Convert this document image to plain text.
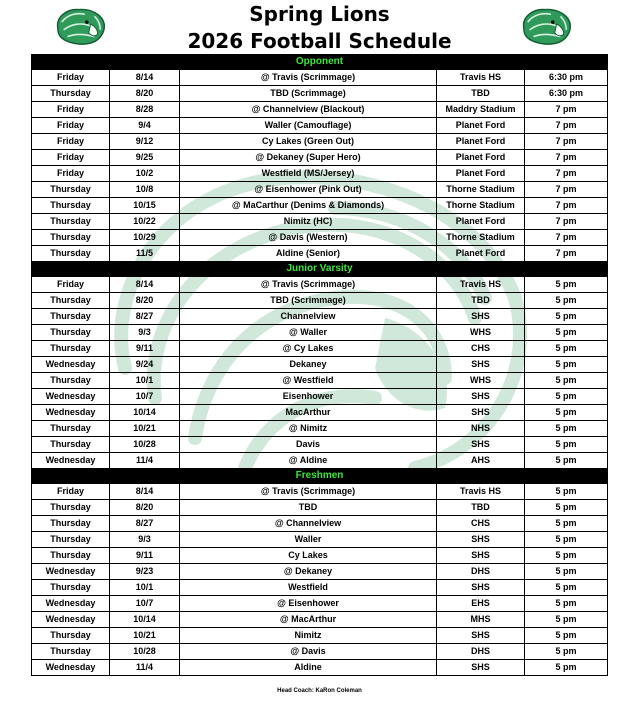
Spring Lions
2026 Football Schedule
Opponent				
Friday	8/14	@ Travis (Scrimmage)	Travis HS	6:30 pm
Thursday	8/20	TBD (Scrimmage)	TBD	6:30 pm
Friday	8/28	@ Channelview (Blackout)	Maddry Stadium	7 pm
Friday	9/4	Waller (Camouflage)	Planet Ford	7 pm
Friday	9/12	Cy Lakes (Green Out)	Planet Ford	7 pm
Friday	9/25	@ Dekaney (Super Hero)	Planet Ford	7 pm
Friday	10/2	Westfield (MS/Jersey)	Planet Ford	7 pm
Thursday	10/8	@ Eisenhower (Pink Out)	Thorne Stadium	7 pm
Thursday	10/15	@ MaCarthur (Denims & Diamonds)	Thorne Stadium	7 pm
Thursday	10/22	Nimitz (HC)	Planet Ford	7 pm
Thursday	10/29	@ Davis (Western)	Thorne Stadium	7 pm
Thursday	11/5	Aldine (Senior)	Planet Ford	7 pm
Junior Varsity				
Friday	8/14	@ Travis (Scrimmage)	Travis HS	5 pm
Thursday	8/20	TBD (Scrimmage)	TBD	5 pm
Thursday	8/27	Channelview	SHS	5 pm
Thursday	9/3	@ Waller	WHS	5 pm
Thursday	9/11	@ Cy Lakes	CHS	5 pm
Wednesday	9/24	Dekaney	SHS	5 pm
Thursday	10/1	@ Westfield	WHS	5 pm
Wednesday	10/7	Eisenhower	SHS	5 pm
Wednesday	10/14	MacArthur	SHS	5 pm
Thursday	10/21	@ Nimitz	NHS	5 pm
Thursday	10/28	Davis	SHS	5 pm
Wednesday	11/4	@ Aldine	AHS	5 pm
Freshmen				
Friday	8/14	@ Travis (Scrimmage)	Travis HS	5 pm
Thursday	8/20	TBD	TBD	5 pm
Thursday	8/27	@ Channelview	CHS	5 pm
Thursday	9/3	Waller	SHS	5 pm
Thursday	9/11	Cy Lakes	SHS	5 pm
Wednesday	9/23	@ Dekaney	DHS	5 pm
Thursday	10/1	Westfield	SHS	5 pm
Wednesday	10/7	@ Eisenhower	EHS	5 pm
Wednesday	10/14	@ MacArthur	MHS	5 pm
Thursday	10/21	Nimitz	SHS	5 pm
Thursday	10/28	@ Davis	DHS	5 pm
Wednesday	11/4	Aldine	SHS	5 pm
Head Coach: KaRon Coleman
